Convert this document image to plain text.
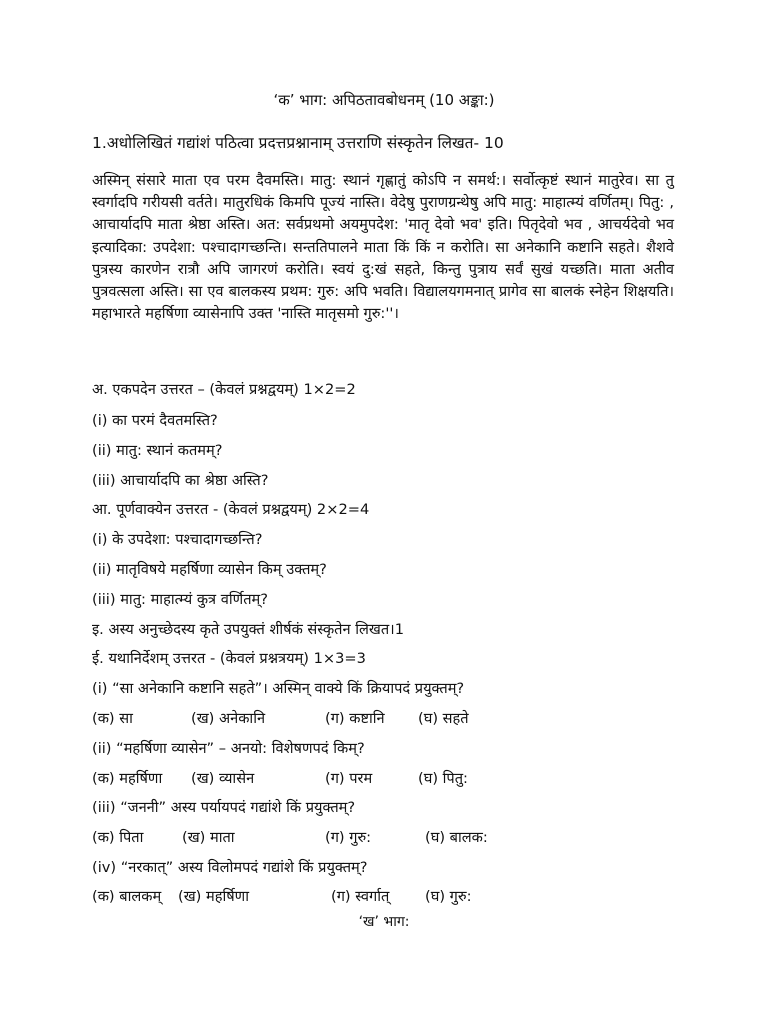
‘क’ भाग: अपिठतावबोधनम् (10 अङ्का:)
1.अधोलिखितं गद्यांशं पठित्वा प्रदत्तप्रश्नानाम् उत्तराणि संस्कृतेन लिखत- 10
अस्मिन् संसारे माता एव परम दैवमस्ति। मातु: स्थानं गृह्णातुं कोऽपि न समर्थ:। सर्वोत्कृष्टं स्थानं मातुरेव। सा तु स्वर्गादपि गरीयसी वर्तते। मातुरधिकं किमपि पूज्यं नास्ति। वेदेषु पुराणग्रन्थेषु अपि मातु: माहात्म्यं वर्णितम्। पितु: , आचार्यादपि माता श्रेष्ठा अस्ति। अत: सर्वप्रथमो अयमुपदेश: 'मातृ देवो भव' इति। पितृदेवो भव , आचर्यदेवो भव इत्यादिका: उपदेशा: पश्चादागच्छन्ति। सन्ततिपालने माता किं किं न करोति। सा अनेकानि कष्टानि सहते। शैशवे पुत्रस्य कारणेन रात्रौ अपि जागरणं करोति। स्वयं दु:खं सहते, किन्तु पुत्राय सर्वं सुखं यच्छति। माता अतीव पुत्रवत्सला अस्ति। सा एव बालकस्य प्रथम: गुरु: अपि भवति। विद्यालयगमनात् प्रागेव सा बालकं स्नेहेन शिक्षयति। महाभारते महर्षिणा व्यासेनापि उक्त 'नास्ति मातृसमो गुरु:''।
अ. एकपदेन उत्तरत – (केवलं प्रश्नद्वयम्) 1×2=2
(i) का परमं दैवतमस्ति?
(ii) मातु: स्थानं कतमम्?
(iii) आचार्यादपि का श्रेष्ठा अस्ति?
आ. पूर्णवाक्येन उत्तरत - (केवलं प्रश्नद्वयम्) 2×2=4
(i) के उपदेशा: पश्चादागच्छन्ति?
(ii) मातृविषये महर्षिणा व्यासेन किम् उक्तम्?
(iii) मातु: माहात्म्यं कुत्र वर्णितम्?
इ. अस्य अनुच्छेदस्य कृते उपयुक्तं शीर्षकं संस्कृतेन लिखत।1
ई. यथानिर्देशम् उत्तरत - (केवलं प्रश्नत्रयम्) 1×3=3
(i) “सा अनेकानि कष्टानि सहते”। अस्मिन् वाक्ये किं क्रियापदं प्रयुक्तम्?
(क) सा	(ख) अनेकानि	(ग) कष्टानि (घ) सहते
(ii) “महर्षिणा व्यासेन” – अनयो: विशेषणपदं किम्?
(क) महर्षिणा (ख) व्यासेन	(ग) परम	(घ) पितु:
(iii) “जननी” अस्य पर्यायपदं गद्यांशे किं प्रयुक्तम्?
(क) पिता	(ख) माता	(ग) गुरु:	(घ) बालक:
(iv) “नरकात्” अस्य विलोमपदं गद्यांशे किं प्रयुक्तम्?
(क) बालकम् (ख) महर्षिणा	(ग) स्वर्गात् (घ) गुरु:
‘ख’ भाग:
